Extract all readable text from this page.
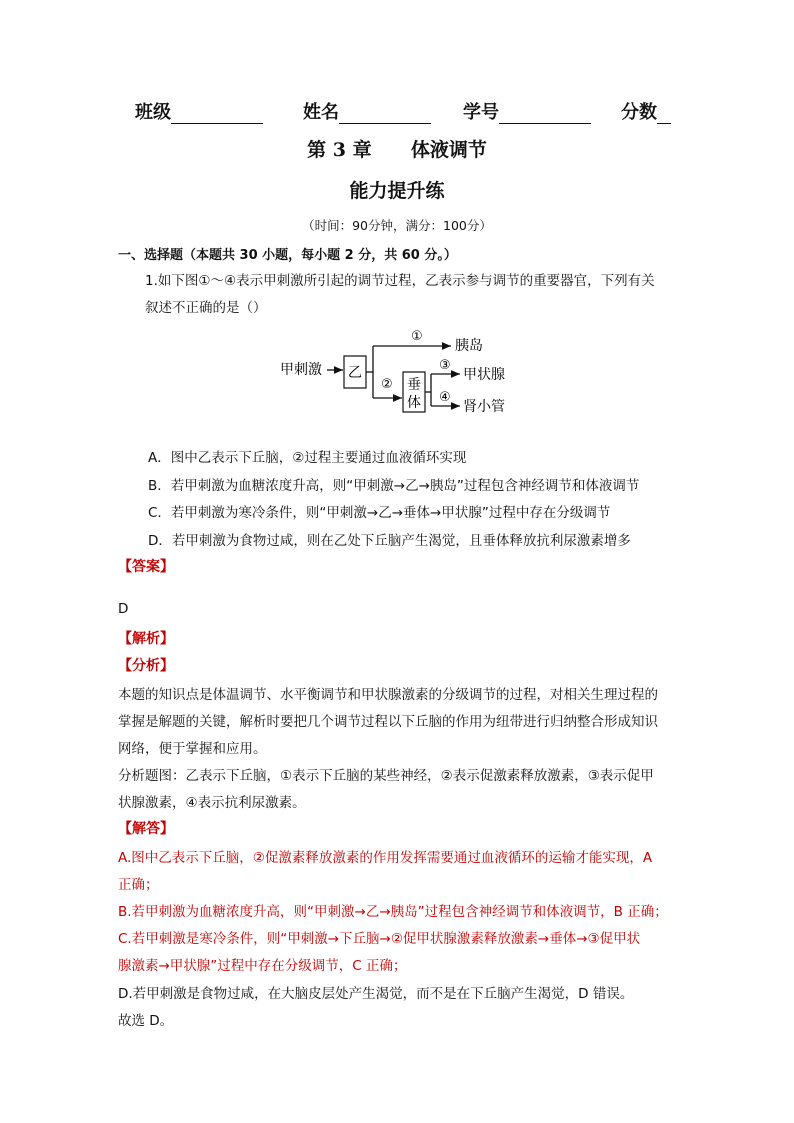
班级	姓名	学号	分数
第 3 章 体液调节
能力提升练
（时间：90分钟，满分：100分）
一、选择题（本题共 30 小题，每小题 2 分，共 60 分。）
1.如下图①～④表示甲刺激所引起的调节过程，乙表示参与调节的重要器官，下列有关
叙述不正确的是（）
甲刺激 乙
①
胰岛
② 垂
体
③
甲状腺
④
肾小管
A．图中乙表示下丘脑，②过程主要通过血液循环实现
B．若甲刺激为血糖浓度升高，则“甲刺激→乙→胰岛”过程包含神经调节和体液调节
C．若甲刺激为寒冷条件，则“甲刺激→乙→垂体→甲状腺”过程中存在分级调节
D．若甲刺激为食物过咸，则在乙处下丘脑产生渴觉，且垂体释放抗利尿激素增多
【答案】
D
【解析】
【分析】
本题的知识点是体温调节、水平衡调节和甲状腺激素的分级调节的过程，对相关生理过程的
掌握是解题的关键，解析时要把几个调节过程以下丘脑的作用为纽带进行归纳整合形成知识
网络，便于掌握和应用。
分析题图：乙表示下丘脑，①表示下丘脑的某些神经，②表示促激素释放激素，③表示促甲
状腺激素，④表示抗利尿激素。
【解答】
A.图中乙表示下丘脑，②促激素释放激素的作用发挥需要通过血液循环的运输才能实现，A
正确；
B.若甲刺激为血糖浓度升高，则“甲刺激→乙→胰岛”过程包含神经调节和体液调节，B 正确；
C.若甲刺激是寒冷条件，则“甲刺激→下丘脑→②促甲状腺激素释放激素→垂体→③促甲状
腺激素→甲状腺”过程中存在分级调节，C 正确；
D.若甲刺激是食物过咸，在大脑皮层处产生渴觉，而不是在下丘脑产生渴觉，D 错误。
故选 D。
